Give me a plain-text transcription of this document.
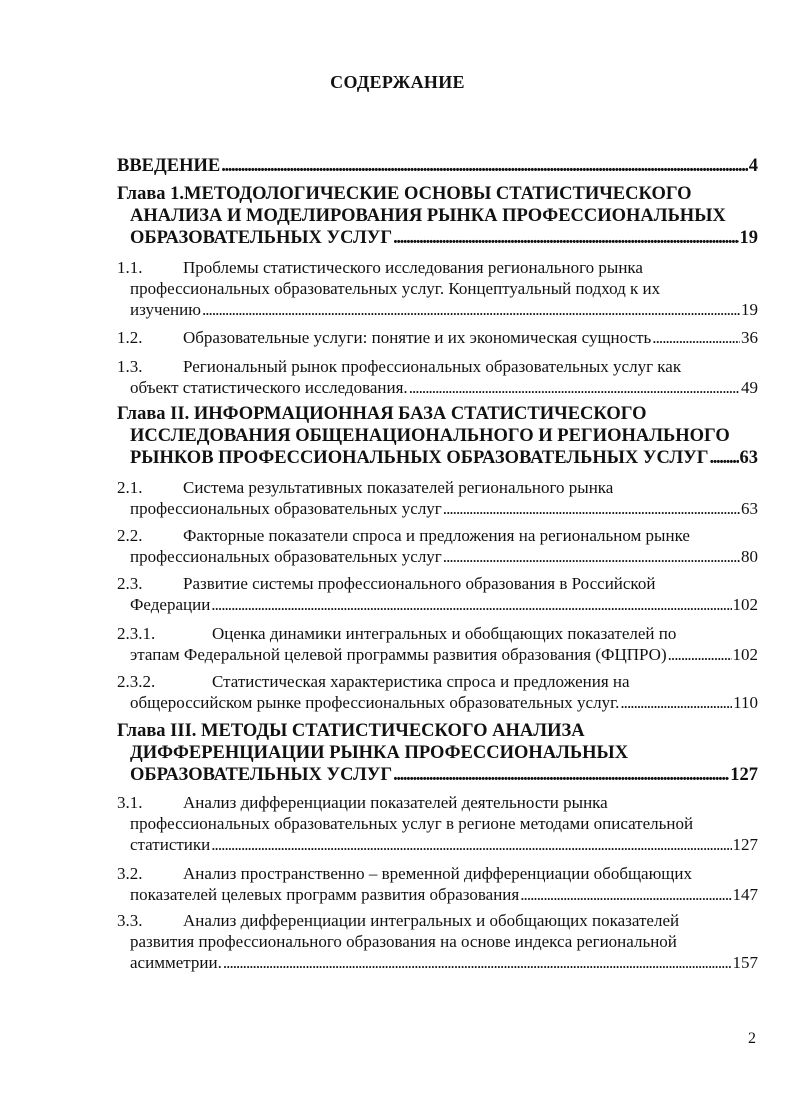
СОДЕРЖАНИЕ
ВВЕДЕНИЕ . . .	4
Глава 1.МЕТОДОЛОГИЧЕСКИЕ ОСНОВЫ СТАТИСТИЧЕСКОГО
АНАЛИЗА И МОДЕЛИРОВАНИЯ РЫНКА ПРОФЕССИОНАЛЬНЫХ
ОБРАЗОВАТЕЛЬНЫХ УСЛУГ . . .	19
1.1.	Проблемы статистического исследования регионального рынка
профессиональных образовательных услуг. Концептуальный подход к их
изучению . . .	19
1.2.	Образовательные услуги: понятие и их экономическая сущность . . .	36
1.3.	Региональный рынок профессиональных образовательных услуг как
объект статистического исследования. . . .	49
Глава II. ИНФОРМАЦИОННАЯ БАЗА СТАТИСТИЧЕСКОГО
ИССЛЕДОВАНИЯ ОБЩЕНАЦИОНАЛЬНОГО И РЕГИОНАЛЬНОГО
РЫНКОВ ПРОФЕССИОНАЛЬНЫХ ОБРАЗОВАТЕЛЬНЫХ УСЛУГ . . . 63
2.1.	Система результативных показателей регионального рынка
профессиональных образовательных услуг . . .	63
2.2.	Факторные показатели спроса и предложения на региональном рынке
профессиональных образовательных услуг . . .	80
2.3.	Развитие системы профессионального образования в Российской
Федерации . . .	102
2.3.1.	Оценка динамики интегральных и обобщающих показателей по
этапам Федеральной целевой программы развития образования (ФЦПРО) . . .	102
2.3.2.	Статистическая характеристика спроса и предложения на
общероссийском рынке профессиональных образовательных услуг. . . .	110
Глава III. МЕТОДЫ СТАТИСТИЧЕСКОГО АНАЛИЗА
ДИФФЕРЕНЦИАЦИИ РЫНКА ПРОФЕССИОНАЛЬНЫХ
ОБРАЗОВАТЕЛЬНЫХ УСЛУГ . . .	127
3.1.	Анализ дифференциации показателей деятельности рынка
профессиональных образовательных услуг в регионе методами описательной
статистики . . .	127
3.2.	Анализ пространственно – временной дифференциации обобщающих
показателей целевых программ развития образования . . .	147
3.3.	Анализ дифференциации интегральных и обобщающих показателей
развития профессионального образования на основе индекса региональной
асимметрии. . . .	157
2
